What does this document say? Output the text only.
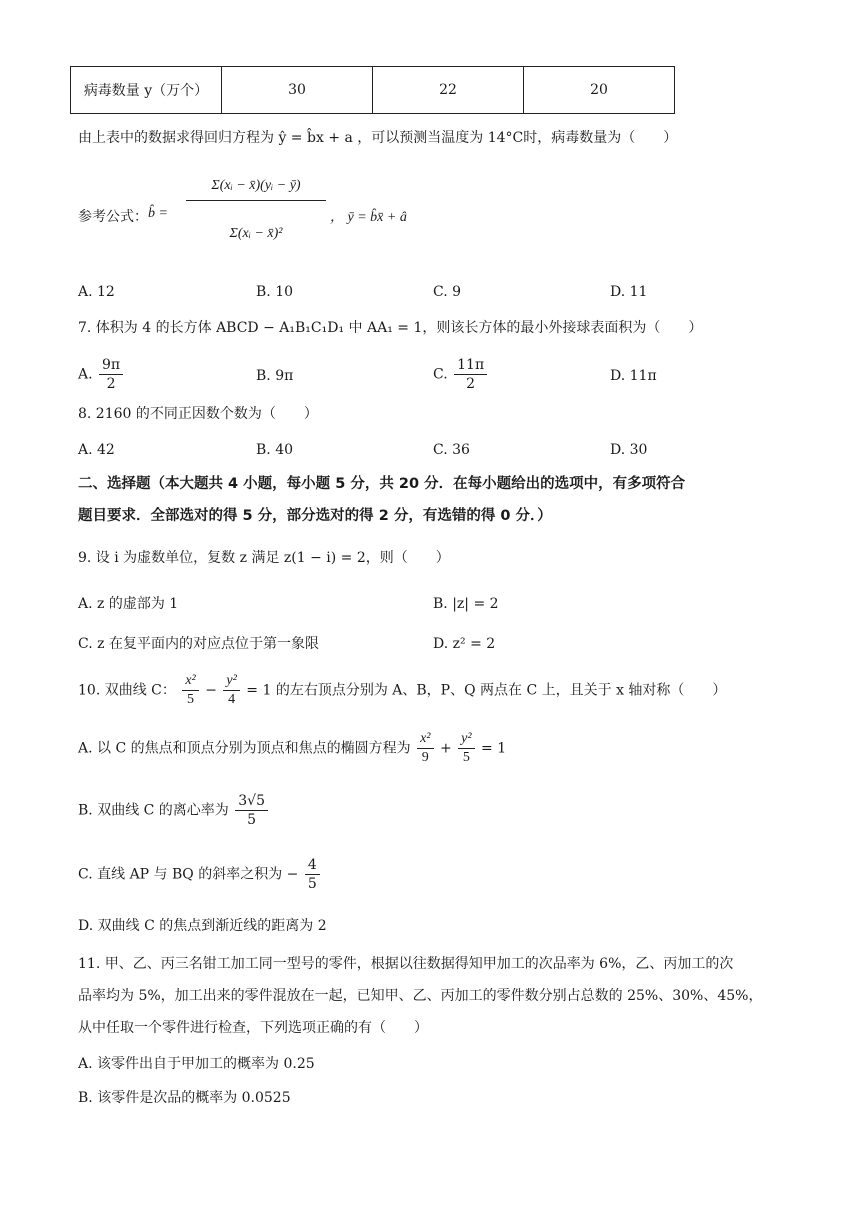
病毒数量 y（万个）	30	22	20
由上表中的数据求得回归方程为 ŷ = b̂x + a ，可以预测当温度为 14°C时，病毒数量为（　　）
参考公式： b̂ =
Σ(xᵢ − x̄)(yᵢ − ȳ)
Σ(xᵢ − x̄)²
， ȳ = b̂x̄ + â
A. 12	B. 10	C. 9	D. 11
7. 体积为 4 的长方体 ABCD − A₁B₁C₁D₁ 中 AA₁ = 1，则该长方体的最小外接球表面积为（　　）
A. $\frac{9\pi}{2}$	B. 9π	C. $\frac{11\pi}{2}$	D. 11π
8. 2160 的不同正因数个数为（　　）
A. 42	B. 40	C. 36	D. 30
二、选择题（本大题共 4 小题，每小题 5 分，共 20 分．在每小题给出的选项中，有多项符合
题目要求．全部选对的得 5 分，部分选对的得 2 分，有选错的得 0 分．）
9. 设 i 为虚数单位，复数 z 满足 z(1 − i) = 2，则（　　）
A. z 的虚部为 1	B. |z| = 2
C. z 在复平面内的对应点位于第一象限	D. z² = 2
10. 双曲线 C： $\frac{\text{x²}}{5} - \frac{\text{y²}}{4} = 1$ 的左右顶点分别为 A、B，P、Q 两点在 C 上，且关于 x 轴对称（　　）
A. 以 C 的焦点和顶点分别为顶点和焦点的椭圆方程为 $\frac{\text{x²}}{9} + \frac{\text{y²}}{5} = 1$
B. 双曲线 C 的离心率为 $\frac{3√5}{5}$
C. 直线 AP 与 BQ 的斜率之积为 − $\frac{4}{5}$
D. 双曲线 C 的焦点到渐近线的距离为 2
11. 甲、乙、丙三名钳工加工同一型号的零件，根据以往数据得知甲加工的次品率为 6%，乙、丙加工的次
品率均为 5%，加工出来的零件混放在一起，已知甲、乙、丙加工的零件数分别占总数的 25%、30%、45%，
从中任取一个零件进行检查，下列选项正确的有（　　）
A. 该零件出自于甲加工的概率为 0.25
B. 该零件是次品的概率为 0.0525
